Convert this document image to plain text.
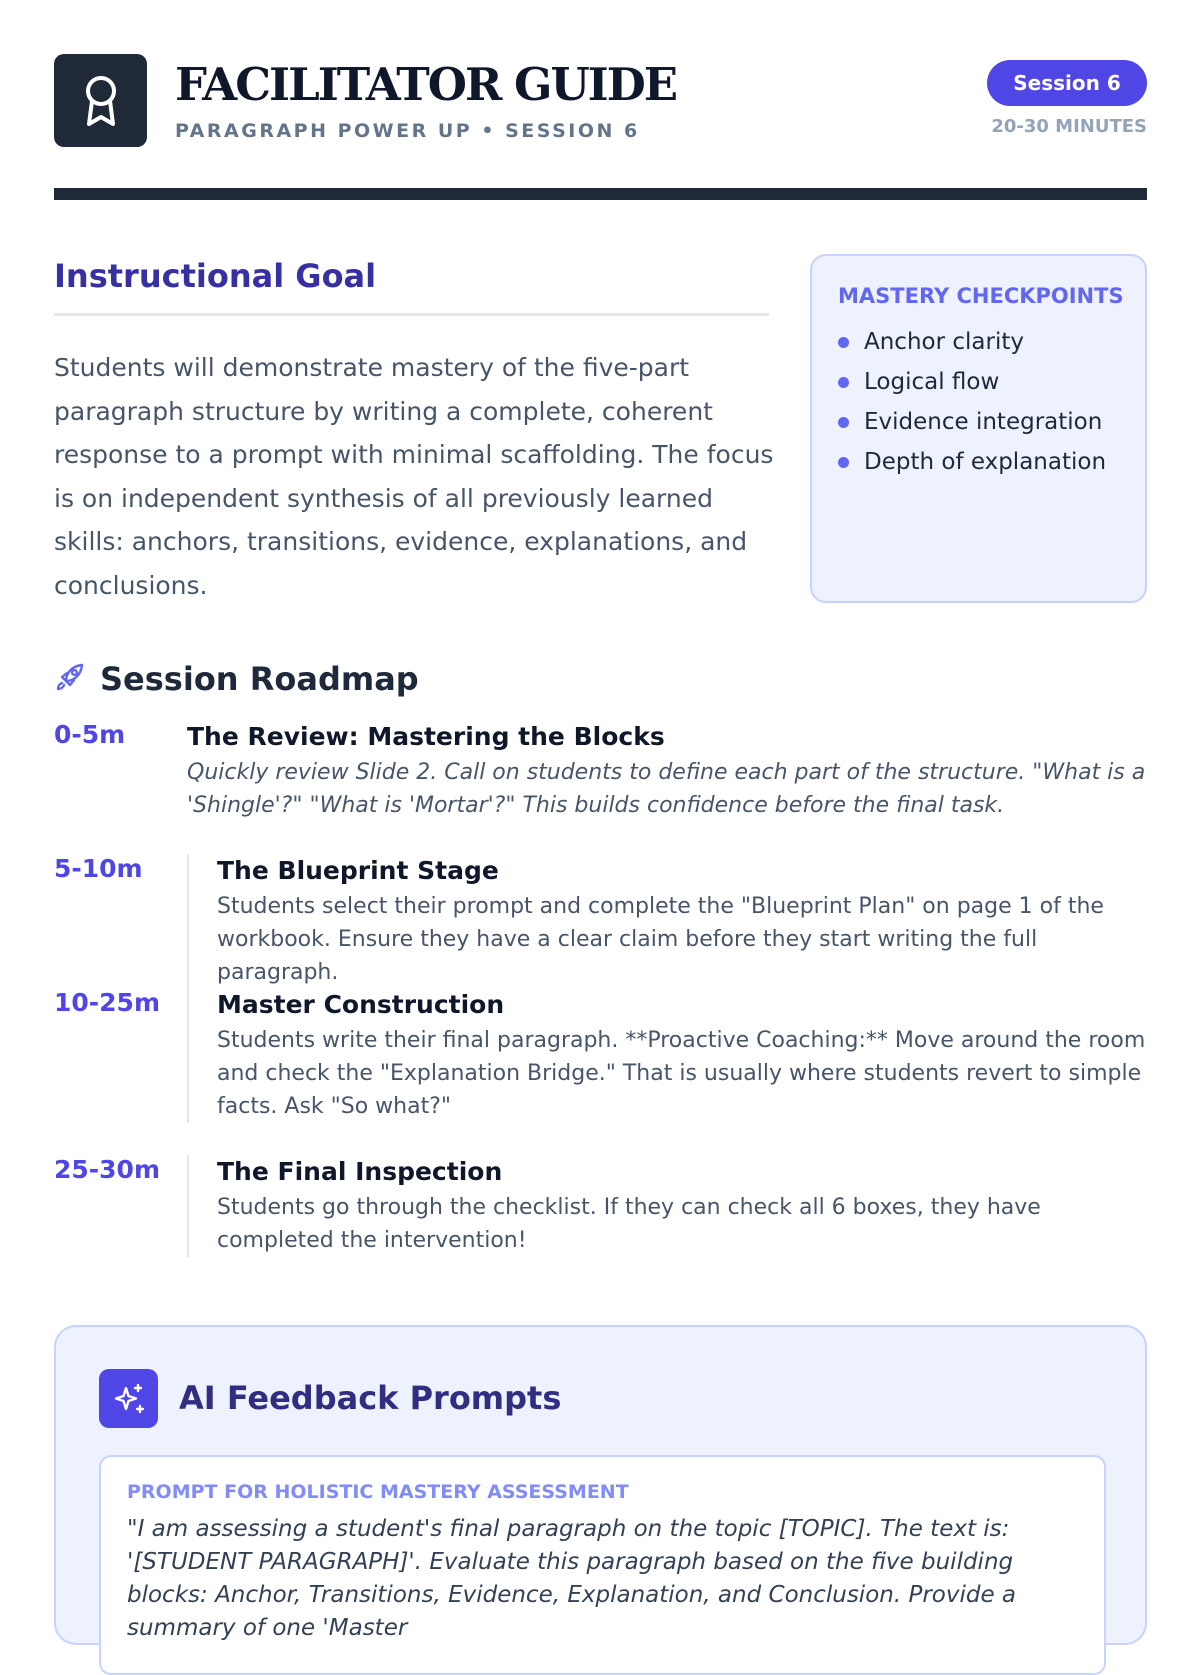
FACILITATOR GUIDE
PARAGRAPH POWER UP • SESSION 6
Session 6
20-30 MINUTES
Instructional Goal

Students will demonstrate mastery of the five-part paragraph structure by writing a complete, coherent response to a prompt with minimal scaffolding. The focus is on independent synthesis of all previously learned skills: anchors, transitions, evidence, explanations, and conclusions.

MASTERY CHECKPOINTS
Anchor clarity
Logical flow
Evidence integration
Depth of explanation
Session Roadmap
0-5m The Review: Mastering the Blocks
Quickly review Slide 2. Call on students to define each part of the structure. "What is a 'Shingle'?" "What is 'Mortar'?" This builds confidence before the final task.
5-10m	The Blueprint Stage
Students select their prompt and complete the "Blueprint Plan" on page 1 of the workbook. Ensure they have a clear claim before they start writing the full paragraph.
10-25m Master Construction
Students write their final paragraph. **Proactive Coaching:** Move around the room and check the "Explanation Bridge." That is usually where students revert to simple facts. Ask "So what?"
25-30m The Final Inspection
Students go through the checklist. If they can check all 6 boxes, they have completed the intervention!
AI Feedback Prompts
PROMPT FOR HOLISTIC MASTERY ASSESSMENT
"I am assessing a student's final paragraph on the topic [TOPIC]. The text is: '[STUDENT PARAGRAPH]'. Evaluate this paragraph based on the five building blocks: Anchor, Transitions, Evidence, Explanation, and Conclusion. Provide a summary of one 'Master
